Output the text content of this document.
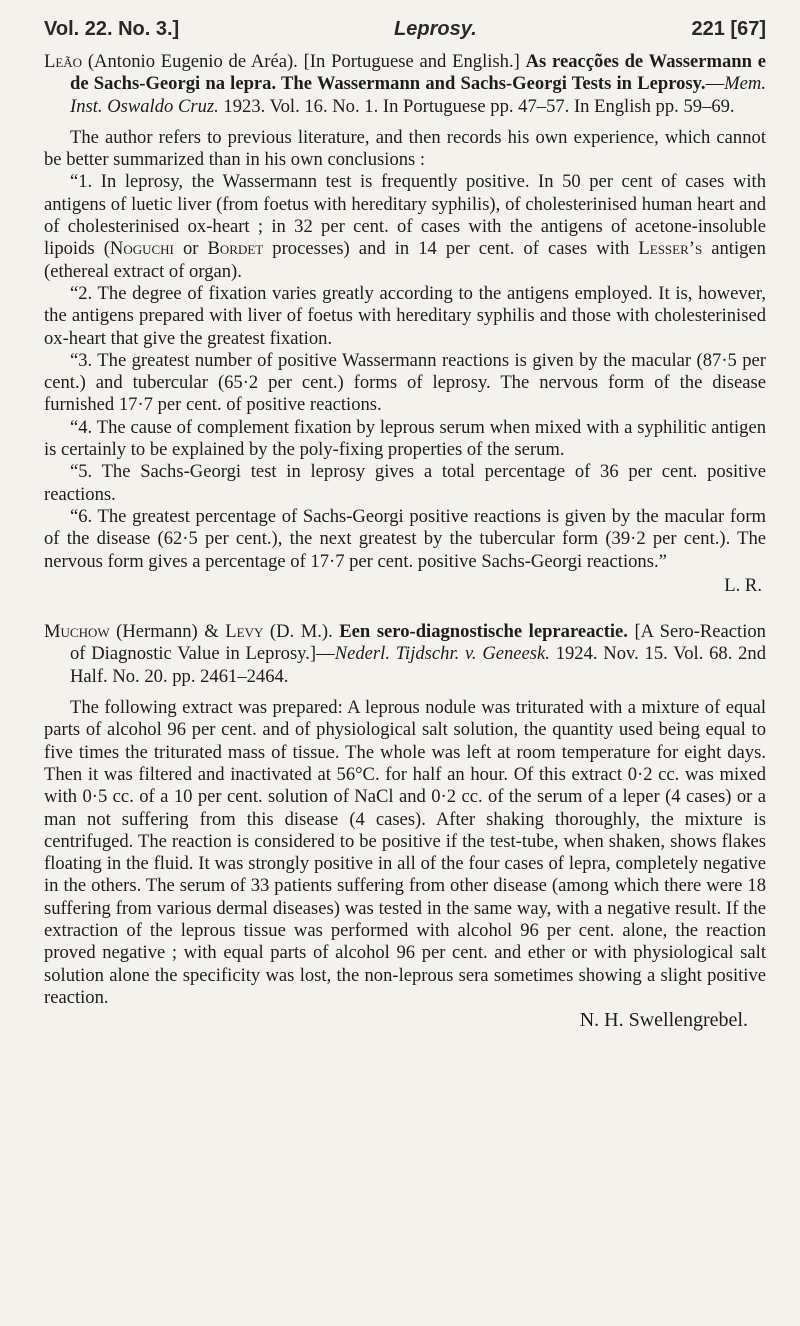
Vol. 22. No. 3.]	Leprosy.	221 [67]

Leão (Antonio Eugenio de Aréa). [In Portuguese and English.] As reacções de Wassermann e de Sachs-Georgi na lepra. The Wassermann and Sachs-Georgi Tests in Leprosy.—Mem. Inst. Oswaldo Cruz. 1923. Vol. 16. No. 1. In Portuguese pp. 47–57. In English pp. 59–69.

The author refers to previous literature, and then records his own experience, which cannot be better summarized than in his own conclusions :

“1. In leprosy, the Wassermann test is frequently positive. In 50 per cent of cases with antigens of luetic liver (from foetus with hereditary syphilis), of cholesterinised human heart and of cholesterinised ox-heart ; in 32 per cent. of cases with the antigens of acetone-insoluble lipoids (Noguchi or Bordet processes) and in 14 per cent. of cases with Lesser’s antigen (ethereal extract of organ).

“2. The degree of fixation varies greatly according to the antigens employed. It is, however, the antigens prepared with liver of foetus with hereditary syphilis and those with cholesterinised ox-heart that give the greatest fixation.

“3. The greatest number of positive Wassermann reactions is given by the macular (87·5 per cent.) and tubercular (65·2 per cent.) forms of leprosy. The nervous form of the disease furnished 17·7 per cent. of positive reactions.

“4. The cause of complement fixation by leprous serum when mixed with a syphilitic antigen is certainly to be explained by the poly-fixing properties of the serum.

“5. The Sachs-Georgi test in leprosy gives a total percentage of 36 per cent. positive reactions.

“6. The greatest percentage of Sachs-Georgi positive reactions is given by the macular form of the disease (62·5 per cent.), the next greatest by the tubercular form (39·2 per cent.). The nervous form gives a percentage of 17·7 per cent. positive Sachs-Georgi reactions.”

L. R.

Muchow (Hermann) & Levy (D. M.). Een sero-diagnostische leprareactie. [A Sero-Reaction of Diagnostic Value in Leprosy.]—Nederl. Tijdschr. v. Geneesk. 1924. Nov. 15. Vol. 68. 2nd Half. No. 20. pp. 2461–2464.

The following extract was prepared: A leprous nodule was triturated with a mixture of equal parts of alcohol 96 per cent. and of physiological salt solution, the quantity used being equal to five times the triturated mass of tissue. The whole was left at room temperature for eight days. Then it was filtered and inactivated at 56°C. for half an hour. Of this extract 0·2 cc. was mixed with 0·5 cc. of a 10 per cent. solution of NaCl and 0·2 cc. of the serum of a leper (4 cases) or a man not suffering from this disease (4 cases). After shaking thoroughly, the mixture is centrifuged. The reaction is considered to be positive if the test-tube, when shaken, shows flakes floating in the fluid. It was strongly positive in all of the four cases of lepra, completely negative in the others. The serum of 33 patients suffering from other disease (among which there were 18 suffering from various dermal diseases) was tested in the same way, with a negative result. If the extraction of the leprous tissue was performed with alcohol 96 per cent. alone, the reaction proved negative ; with equal parts of alcohol 96 per cent. and ether or with physiological salt solution alone the specificity was lost, the non-leprous sera sometimes showing a slight positive reaction.

N. H. Swellengrebel.
